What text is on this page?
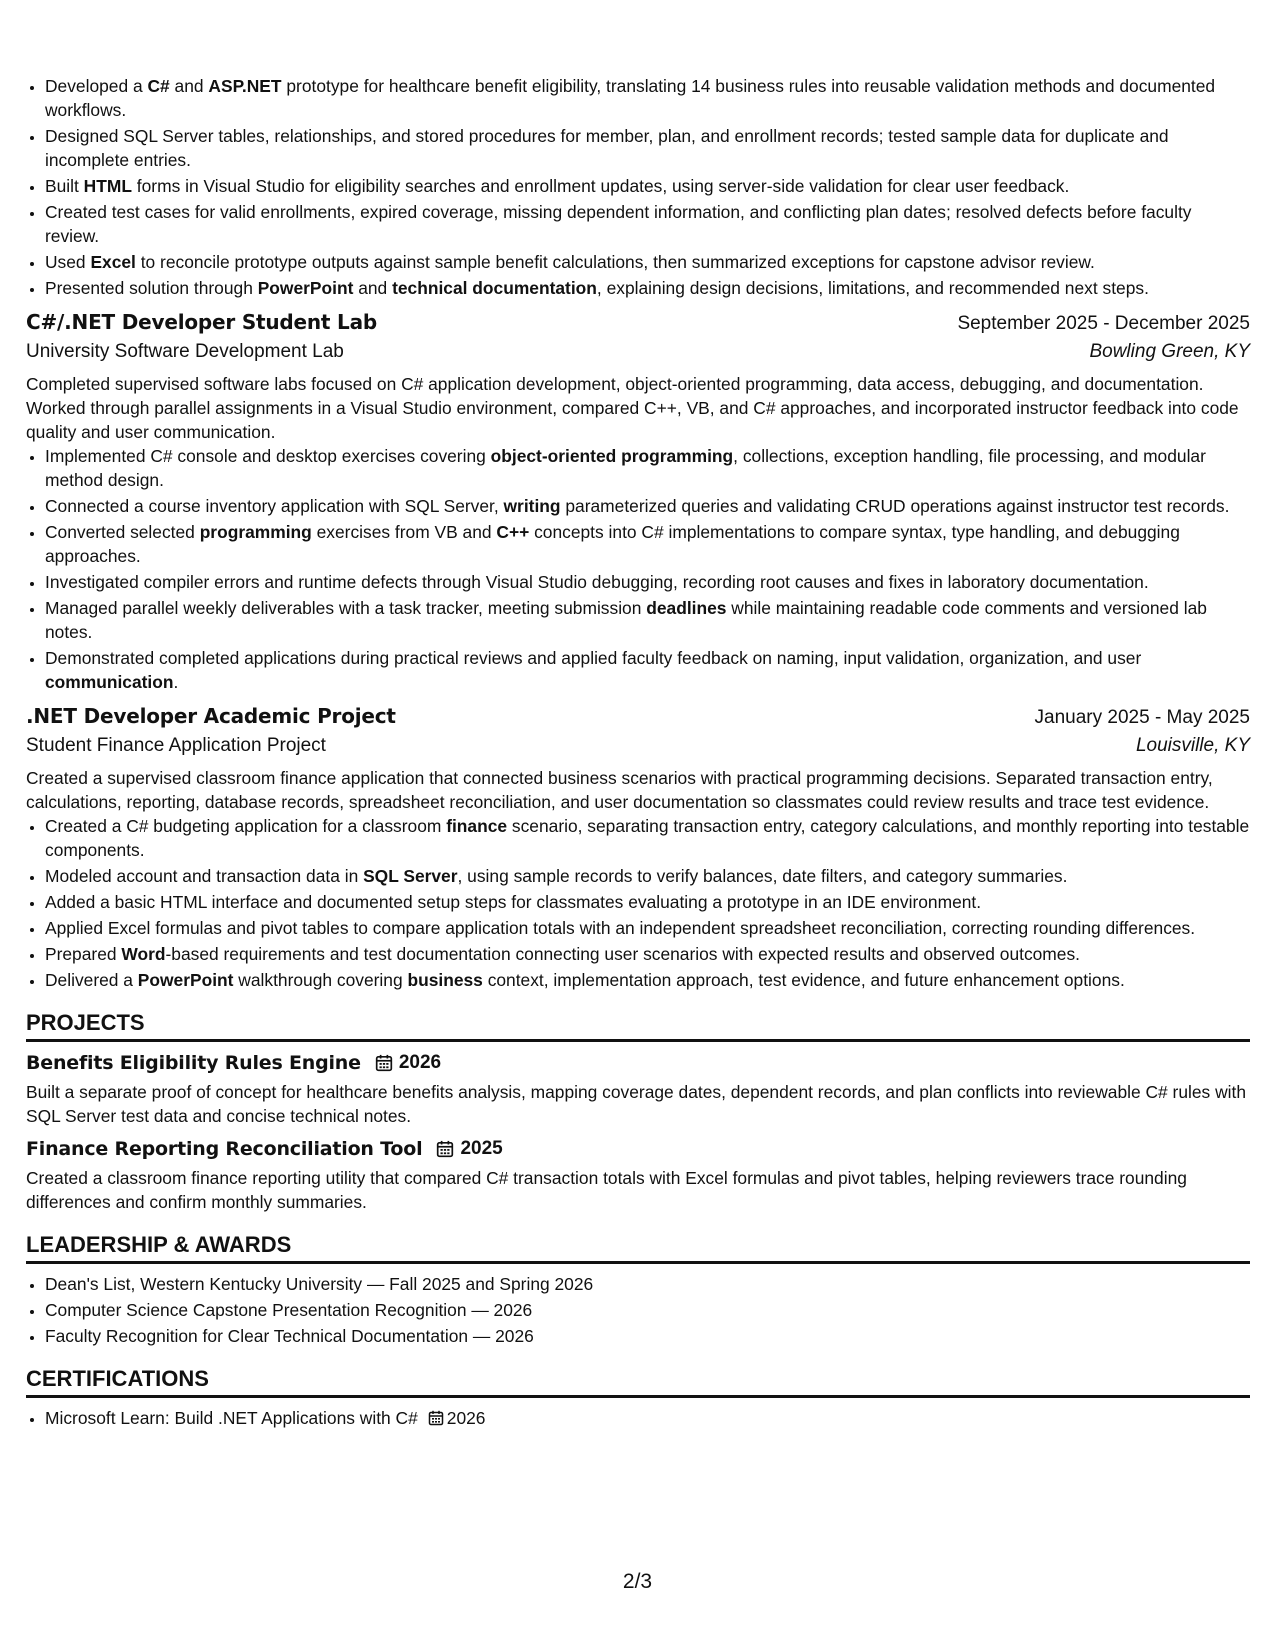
• Developed a C# and ASP.NET prototype for healthcare benefit eligibility, translating 14 business rules into reusable validation methods and documented workflows.
• Designed SQL Server tables, relationships, and stored procedures for member, plan, and enrollment records; tested sample data for duplicate and incomplete entries.
• Built HTML forms in Visual Studio for eligibility searches and enrollment updates, using server-side validation for clear user feedback.
• Created test cases for valid enrollments, expired coverage, missing dependent information, and conflicting plan dates; resolved defects before faculty review.
• Used Excel to reconcile prototype outputs against sample benefit calculations, then summarized exceptions for capstone advisor review.
• Presented solution through PowerPoint and technical documentation, explaining design decisions, limitations, and recommended next steps.
C#/.NET Developer Student Lab	September 2025 - December 2025
University Software Development Lab	Bowling Green, KY
Completed supervised software labs focused on C# application development, object-oriented programming, data access, debugging, and documentation. Worked through parallel assignments in a Visual Studio environment, compared C++, VB, and C# approaches, and incorporated instructor feedback into code quality and user communication.
• Implemented C# console and desktop exercises covering object-oriented programming, collections, exception handling, file processing, and modular method design.
• Connected a course inventory application with SQL Server, writing parameterized queries and validating CRUD operations against instructor test records.
• Converted selected programming exercises from VB and C++ concepts into C# implementations to compare syntax, type handling, and debugging approaches.
• Investigated compiler errors and runtime defects through Visual Studio debugging, recording root causes and fixes in laboratory documentation.
• Managed parallel weekly deliverables with a task tracker, meeting submission deadlines while maintaining readable code comments and versioned lab notes.
• Demonstrated completed applications during practical reviews and applied faculty feedback on naming, input validation, organization, and user communication.
.NET Developer Academic Project	January 2025 - May 2025
Student Finance Application Project	Louisville, KY
Created a supervised classroom finance application that connected business scenarios with practical programming decisions. Separated transaction entry, calculations, reporting, database records, spreadsheet reconciliation, and user documentation so classmates could review results and trace test evidence.
• Created a C# budgeting application for a classroom finance scenario, separating transaction entry, category calculations, and monthly reporting into testable components.
• Modeled account and transaction data in SQL Server, using sample records to verify balances, date filters, and category summaries.
• Added a basic HTML interface and documented setup steps for classmates evaluating a prototype in an IDE environment.
• Applied Excel formulas and pivot tables to compare application totals with an independent spreadsheet reconciliation, correcting rounding differences.
• Prepared Word-based requirements and test documentation connecting user scenarios with expected results and observed outcomes.
• Delivered a PowerPoint walkthrough covering business context, implementation approach, test evidence, and future enhancement options.
PROJECTS
Benefits Eligibility Rules Engine 2026
Built a separate proof of concept for healthcare benefits analysis, mapping coverage dates, dependent records, and plan conflicts into reviewable C# rules with SQL Server test data and concise technical notes.
Finance Reporting Reconciliation Tool 2025
Created a classroom finance reporting utility that compared C# transaction totals with Excel formulas and pivot tables, helping reviewers trace rounding differences and confirm monthly summaries.
LEADERSHIP & AWARDS
• Dean's List, Western Kentucky University — Fall 2025 and Spring 2026
• Computer Science Capstone Presentation Recognition — 2026
• Faculty Recognition for Clear Technical Documentation — 2026
CERTIFICATIONS
• Microsoft Learn: Build .NET Applications with C# 2026
2/3
